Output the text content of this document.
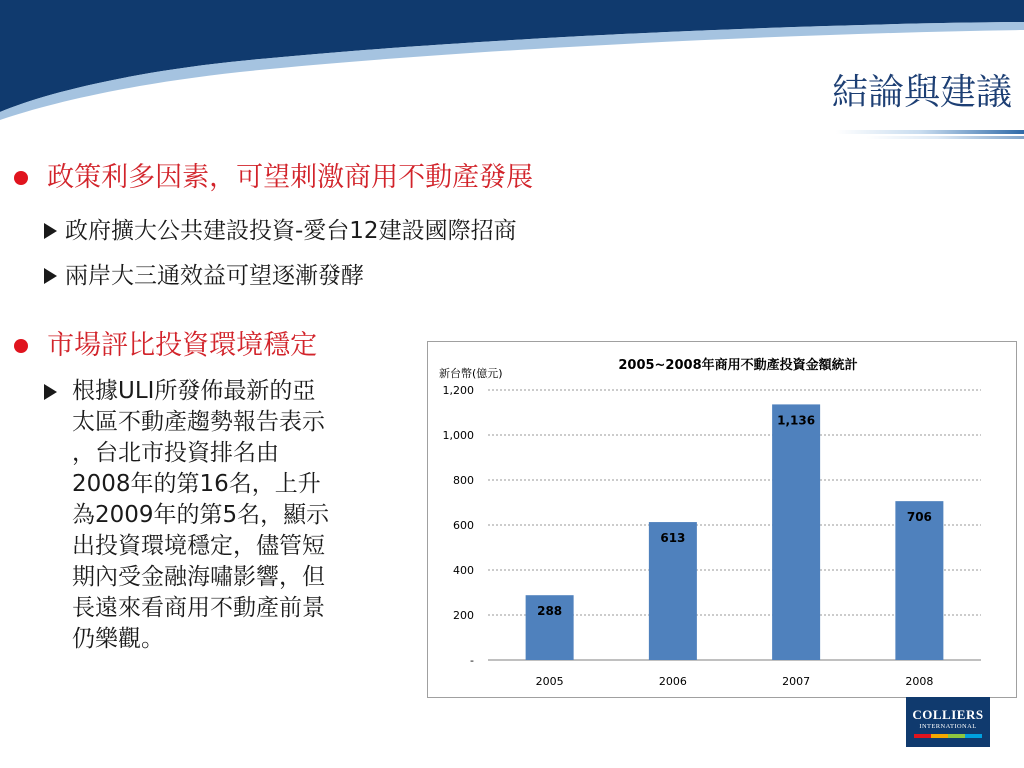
結論與建議
政策利多因素，可望刺激商用不動產發展
政府擴大公共建設投資-愛台12建設國際招商
兩岸大三通效益可望逐漸發酵
市場評比投資環境穩定
根據ULI所發佈最新的亞
太區不動產趨勢報告表示
，台北市投資排名由
2008年的第16名，上升
為2009年的第5名，顯示
出投資環境穩定，儘管短
期內受金融海嘯影響，但
長遠來看商用不動產前景
仍樂觀。
2005~2008年商用不動產投資金額統計
新台幣(億元)
-
200
400
600
800
1,000
1,200
288
2005
613
2006
1,136
2007
706
2008
COLLIERS
INTERNATIONAL
